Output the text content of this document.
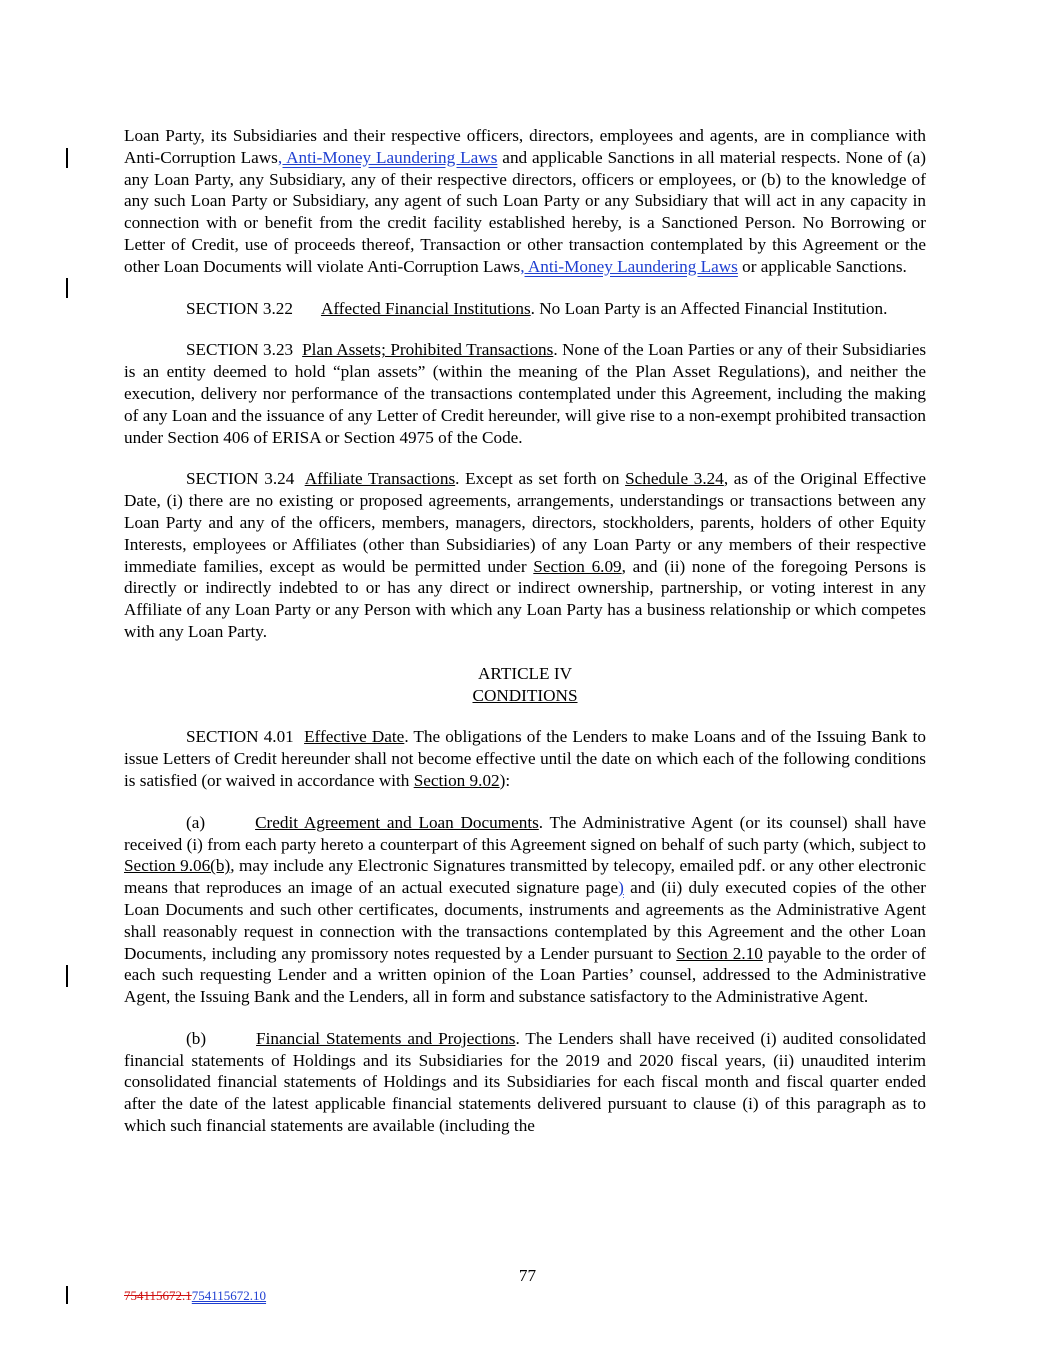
Loan Party, its Subsidiaries and their respective officers, directors, employees and agents, are in compliance with Anti-Corruption Laws, Anti-Money Laundering Laws and applicable Sanctions in all material respects. None of (a) any Loan Party, any Subsidiary, any of their respective directors, officers or employees, or (b) to the knowledge of any such Loan Party or Subsidiary, any agent of such Loan Party or any Subsidiary that will act in any capacity in connection with or benefit from the credit facility established hereby, is a Sanctioned Person. No Borrowing or Letter of Credit, use of proceeds thereof, Transaction or other transaction contemplated by this Agreement or the other Loan Documents will violate Anti-Corruption Laws, Anti-Money Laundering Laws or applicable Sanctions.

SECTION 3.22 Affected Financial Institutions. No Loan Party is an Affected Financial Institution.

SECTION 3.23 Plan Assets; Prohibited Transactions. None of the Loan Parties or any of their Subsidiaries is an entity deemed to hold “plan assets” (within the meaning of the Plan Asset Regulations), and neither the execution, delivery nor performance of the transactions contemplated under this Agreement, including the making of any Loan and the issuance of any Letter of Credit hereunder, will give rise to a non-exempt prohibited transaction under Section 406 of ERISA or Section 4975 of the Code.

SECTION 3.24 Affiliate Transactions. Except as set forth on Schedule 3.24, as of the Original Effective Date, (i) there are no existing or proposed agreements, arrangements, understandings or transactions between any Loan Party and any of the officers, members, managers, directors, stockholders, parents, holders of other Equity Interests, employees or Affiliates (other than Subsidiaries) of any Loan Party or any members of their respective immediate families, except as would be permitted under Section 6.09, and (ii) none of the foregoing Persons is directly or indirectly indebted to or has any direct or indirect ownership, partnership, or voting interest in any Affiliate of any Loan Party or any Person with which any Loan Party has a business relationship or which competes with any Loan Party.

ARTICLE IV

CONDITIONS

SECTION 4.01 Effective Date. The obligations of the Lenders to make Loans and of the Issuing Bank to issue Letters of Credit hereunder shall not become effective until the date on which each of the following conditions is satisfied (or waived in accordance with Section 9.02):

(a)	Credit Agreement and Loan Documents. The Administrative Agent (or its counsel) shall have received (i) from each party hereto a counterpart of this Agreement signed on behalf of such party (which, subject to Section 9.06(b), may include any Electronic Signatures transmitted by telecopy, emailed pdf. or any other electronic means that reproduces an image of an actual executed signature page) and (ii) duly executed copies of the other Loan Documents and such other certificates, documents, instruments and agreements as the Administrative Agent shall reasonably request in connection with the transactions contemplated by this Agreement and the other Loan Documents, including any promissory notes requested by a Lender pursuant to Section 2.10 payable to the order of each such requesting Lender and a written opinion of the Loan Parties’ counsel, addressed to the Administrative Agent, the Issuing Bank and the Lenders, all in form and substance satisfactory to the Administrative Agent.

(b)	Financial Statements and Projections. The Lenders shall have received (i) audited consolidated financial statements of Holdings and its Subsidiaries for the 2019 and 2020 fiscal years, (ii) unaudited interim consolidated financial statements of Holdings and its Subsidiaries for each fiscal month and fiscal quarter ended after the date of the latest applicable financial statements delivered pursuant to clause (i) of this paragraph as to which such financial statements are available (including the

77
754115672.1754115672.10
